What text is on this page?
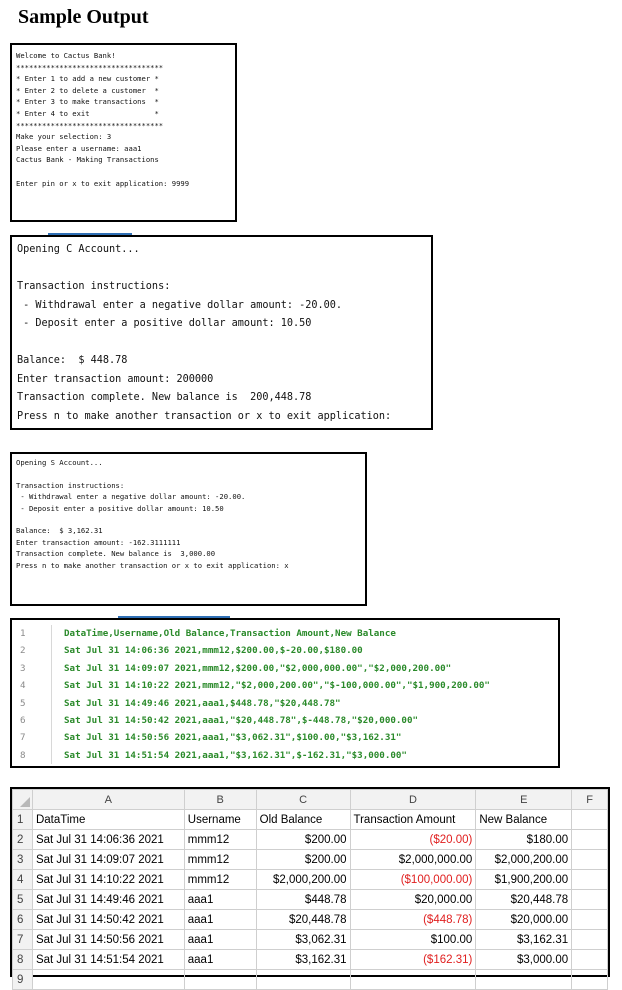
Sample Output
Welcome to Cactus Bank!
**********************************
* Enter 1 to add a new customer *
* Enter 2 to delete a customer  *
* Enter 3 to make transactions  *
* Enter 4 to exit               *
**********************************
Make your selection: 3
Please enter a username: aaa1
Cactus Bank - Making Transactions
Enter pin or x to exit application: 9999
Opening C Account...
Transaction instructions:
- Withdrawal enter a negative dollar amount: -20.00.
- Deposit enter a positive dollar amount: 10.50
Balance:  $ 448.78
Enter transaction amount: 200000
Transaction complete. New balance is  200,448.78
Press n to make another transaction or x to exit application:
Opening S Account...
Transaction instructions:
- Withdrawal enter a negative dollar amount: -20.00.
- Deposit enter a positive dollar amount: 10.50
Balance:  $ 3,162.31
Enter transaction amount: -162.3111111
Transaction complete. New balance is  3,000.00
Press n to make another transaction or x to exit application: x
1	DataTime,Username,Old Balance,Transaction Amount,New Balance
2	Sat Jul 31 14:06:36 2021,mmm12,$200.00,$-20.00,$180.00
3	Sat Jul 31 14:09:07 2021,mmm12,$200.00,"$2,000,000.00","$2,000,200.00"
4	Sat Jul 31 14:10:22 2021,mmm12,"$2,000,200.00","$-100,000.00","$1,900,200.00"
5	Sat Jul 31 14:49:46 2021,aaa1,$448.78,"$20,448.78"
6	Sat Jul 31 14:50:42 2021,aaa1,"$20,448.78",$-448.78,"$20,000.00"
7	Sat Jul 31 14:50:56 2021,aaa1,"$3,062.31",$100.00,"$3,162.31"
8	Sat Jul 31 14:51:54 2021,aaa1,"$3,162.31",$-162.31,"$3,000.00"
	A	B	C	D	E	F
1	DataTime	Username	Old Balance	Transaction Amount	New Balance	
2	Sat Jul 31 14:06:36 2021	mmm12	$200.00	($20.00)	$180.00	
3	Sat Jul 31 14:09:07 2021	mmm12	$200.00	$2,000,000.00	$2,000,200.00	
4	Sat Jul 31 14:10:22 2021	mmm12	$2,000,200.00	($100,000.00)	$1,900,200.00	
5	Sat Jul 31 14:49:46 2021	aaa1	$448.78	$20,000.00	$20,448.78	
6	Sat Jul 31 14:50:42 2021	aaa1	$20,448.78	($448.78)	$20,000.00	
7	Sat Jul 31 14:50:56 2021	aaa1	$3,062.31	$100.00	$3,162.31	
8	Sat Jul 31 14:51:54 2021	aaa1	$3,162.31	($162.31)	$3,000.00	
9						
